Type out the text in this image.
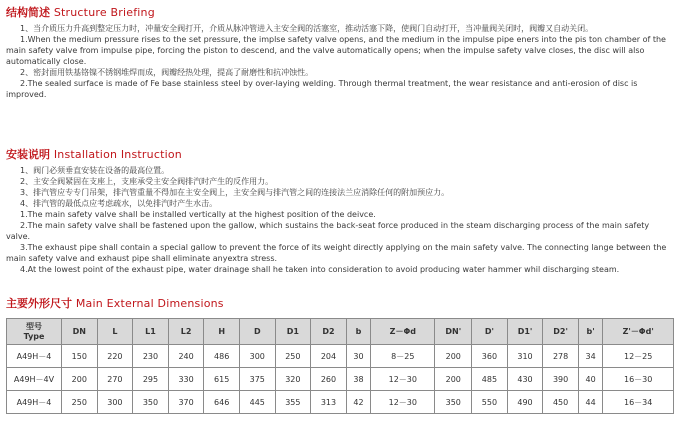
结构简述 Structure Briefing

1、当介质压力升高到整定压力时，冲量安全阀打开，介质从脉冲管进入主安全阀的活塞室，推动活塞下降，使阀门自动打开，当冲量阀关闭时，阀瓣又自动关闭。

1.When the medium pressure rises to the set pressure, the implse safety valve opens, and the medium in the impulse pipe eners into the pis ton chamber of the main safety valve from impulse pipe, forcing the piston to descend, and the valve automatically opens; when the impulse safety valve closes, the disc will also automatically close.

2、密封面用铁基铬镍不锈钢堆焊而成，阀瓣经热处理，提高了耐磨性和抗冲蚀性。

2.The sealed surface is made of Fe base stainless steel by over-laying welding. Through thermal treatment, the wear resistance and anti-erosion of disc is improved.

安装说明 Installation Instruction

1、阀门必须垂直安装在设备的最高位置。

2、主安全阀紧固在支座上，支座承受主安全阀排汽时产生的反作用力。

3、排汽管应专专门吊架，排汽管重量不得加在主安全阀上，主安全阀与排汽管之间的连接法兰应消除任何的附加预应力。

4、排汽管的最低点应考虑疏水，以免排汽时产生水击。

1.The main safety valve shall be installed vertically at the highest position of the deivce.

2.The main safety valve shall be fastened upon the gallow, which sustains the back-seat force produced in the steam discharging process of the main safety valve.

3.The exhaust pipe shall contain a special gallow to prevent the force of its weight directly applying on the main safety valve. The connecting lange between the main safety valve and exhaust pipe shall eliminate anyextra stress.

4.At the lowest point of the exhaust pipe, water drainage shall he taken into consideration to avoid producing water hammer whil discharging steam.

主要外形尺寸 Main External Dimensions
型号
Type	DN	L	L1	L2	H	D	D1	D2	b	Z－Φd	DN'	D'	D1'	D2'	b'	Z'－Φd'
A49H－4	150	220	230	240	486	300	250	204	30	8－25	200	360	310	278	34	12－25
A49H－4V	200	270	295	330	615	375	320	260	38	12－30	200	485	430	390	40	16－30
A49H－4	250	300	350	370	646	445	355	313	42	12－30	350	550	490	450	44	16－34
